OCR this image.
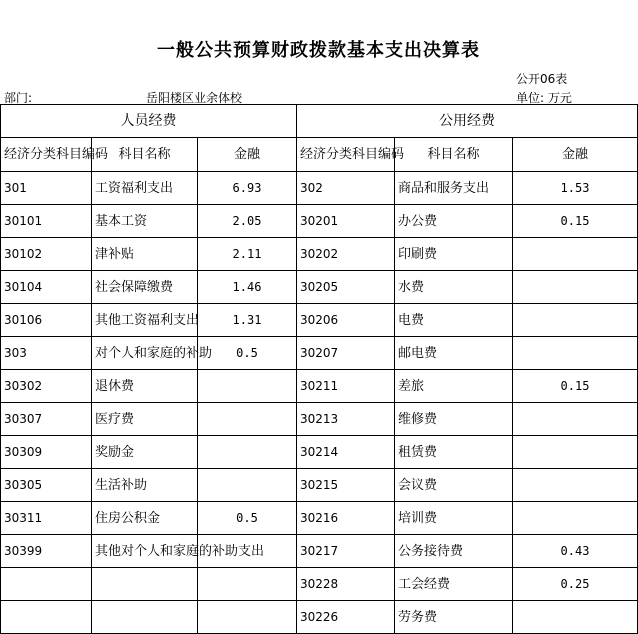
一般公共预算财政拨款基本支出决算表
公开06表
部门:	岳阳楼区业余体校	单位: 万元
人员经费			公用经费		
经济分类科目编码	科目名称	金融	经济分类科目编码	科目名称	金融
301	工资福利支出	6.93	302	商品和服务支出	1.53
30101	基本工资	2.05	30201	办公费	0.15
30102	津补贴	2.11	30202	印刷费	
30104	社会保障缴费	1.46	30205	水费	
30106	其他工资福利支出	1.31	30206	电费	
303	对个人和家庭的补助	0.5	30207	邮电费	
30302	退休费		30211	差旅	0.15
30307	医疗费		30213	维修费	
30309	奖励金		30214	租赁费	
30305	生活补助		30215	会议费	
30311	住房公积金	0.5	30216	培训费	
30399	其他对个人和家庭的补助支出		30217	公务接待费	0.43
			30228	工会经费	0.25
			30226	劳务费	
